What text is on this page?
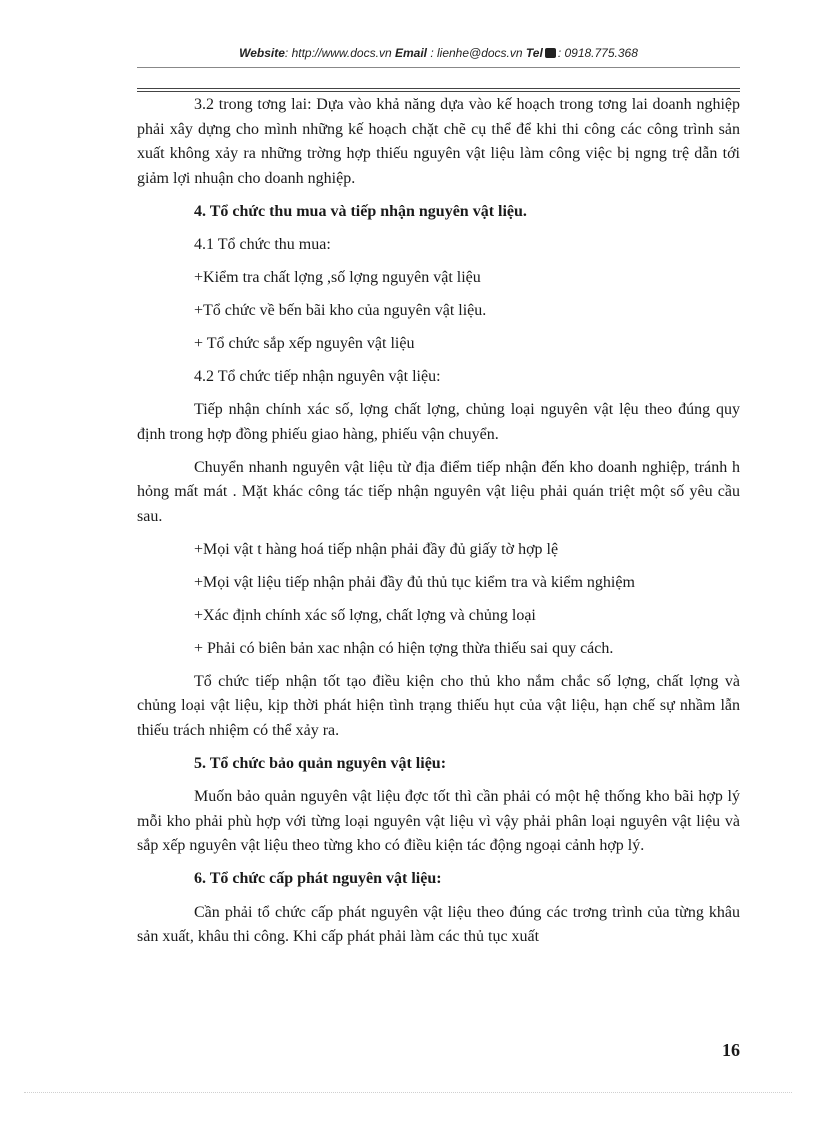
Website: http://www.docs.vn Email : lienhe@docs.vn Tel : 0918.775.368

3.2 trong tơng lai: Dựa vào khả năng dựa vào kế hoạch trong tơng lai doanh nghiệp phải xây dựng cho mình những kế hoạch chặt chẽ cụ thể để khi thi công các công trình sản xuất không xảy ra những trờng hợp thiếu nguyên vật liệu làm công việc bị ngng trệ dẫn tới giảm lợi nhuận cho doanh nghiệp.

4. Tổ chức thu mua và tiếp nhận nguyên vật liệu.

4.1 Tổ chức thu mua:

+Kiểm tra chất lợng ,số lợng nguyên vật liệu

+Tổ chức về bến bãi kho của nguyên vật liệu.

+ Tổ chức sắp xếp nguyên vật liệu

4.2 Tổ chức tiếp nhận nguyên vật liệu:

Tiếp nhận chính xác số, lợng chất lợng, chủng loại nguyên vật lệu theo đúng quy định trong hợp đồng phiếu giao hàng, phiếu vận chuyển.

Chuyển nhanh nguyên vật liệu từ địa điểm tiếp nhận đến kho doanh nghiệp, tránh h hỏng mất mát . Mặt khác công tác tiếp nhận nguyên vật liệu phải quán triệt một số yêu cầu sau.

+Mọi vật t hàng hoá tiếp nhận phải đầy đủ giấy tờ hợp lệ

+Mọi vật liệu tiếp nhận phải đầy đủ thủ tục kiểm tra và kiểm nghiệm

+Xác định chính xác số lợng, chất lợng và chủng loại

+ Phải có biên bản xac nhận có hiện tợng thừa thiếu sai quy cách.

Tổ chức tiếp nhận tốt tạo điều kiện cho thủ kho nắm chắc số lợng, chất lợng và chủng loại vật liệu, kịp thời phát hiện tình trạng thiếu hụt của vật liệu, hạn chế sự nhầm lẫn thiếu trách nhiệm có thể xảy ra.

5. Tổ chức bảo quản nguyên vật liệu:

Muốn bảo quản nguyên vật liệu đợc tốt thì cần phải có một hệ thống kho bãi hợp lý mỗi kho phải phù hợp với từng loại nguyên vật liệu vì vậy phải phân loại nguyên vật liệu và sắp xếp nguyên vật liệu theo từng kho có điều kiện tác động ngoại cảnh hợp lý.

6. Tổ chức cấp phát nguyên vật liệu:

Cần phải tổ chức cấp phát nguyên vật liệu theo đúng các trơng trình của từng khâu sản xuất, khâu thi công. Khi cấp phát phải làm các thủ tục xuất

16
